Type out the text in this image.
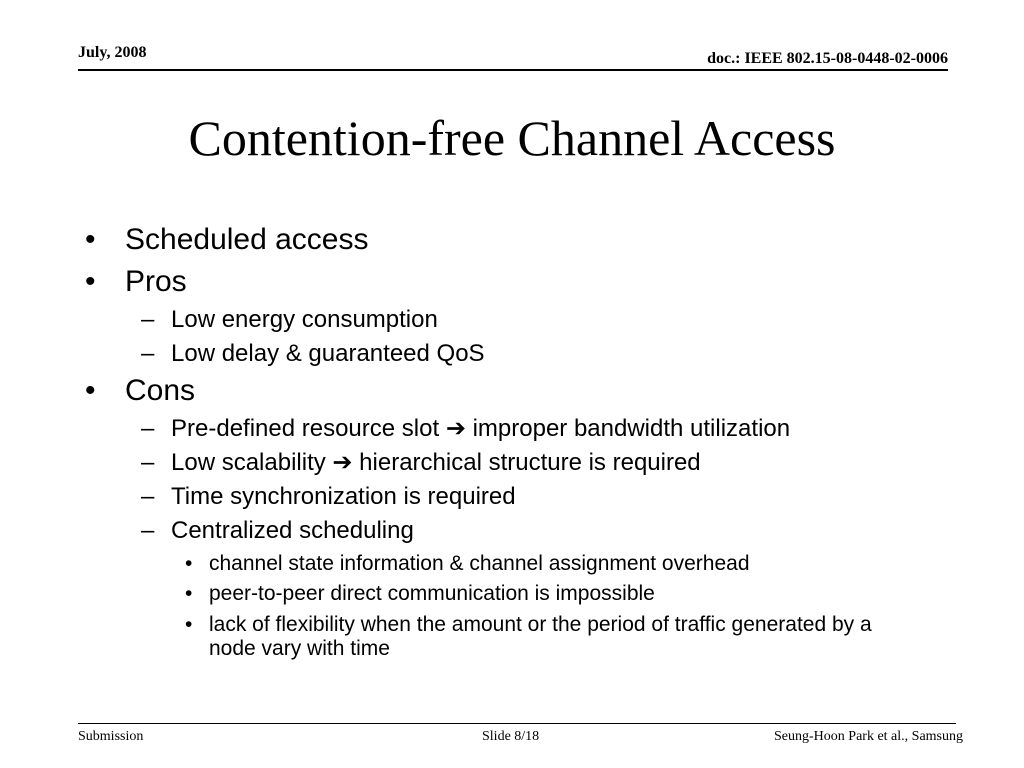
July, 2008	doc.: IEEE 802.15-08-0448-02-0006
Contention-free Channel Access
• Scheduled access
• Pros
– Low energy consumption
– Low delay & guaranteed QoS
• Cons
– Pre-defined resource slot ➔ improper bandwidth utilization
– Low scalability ➔ hierarchical structure is required
– Time synchronization is required
– Centralized scheduling
• channel state information & channel assignment overhead
• peer-to-peer direct communication is impossible
• lack of flexibility when the amount or the period of traffic generated by a node vary with time
Submission	Slide 8/18	Seung-Hoon Park et al., Samsung
